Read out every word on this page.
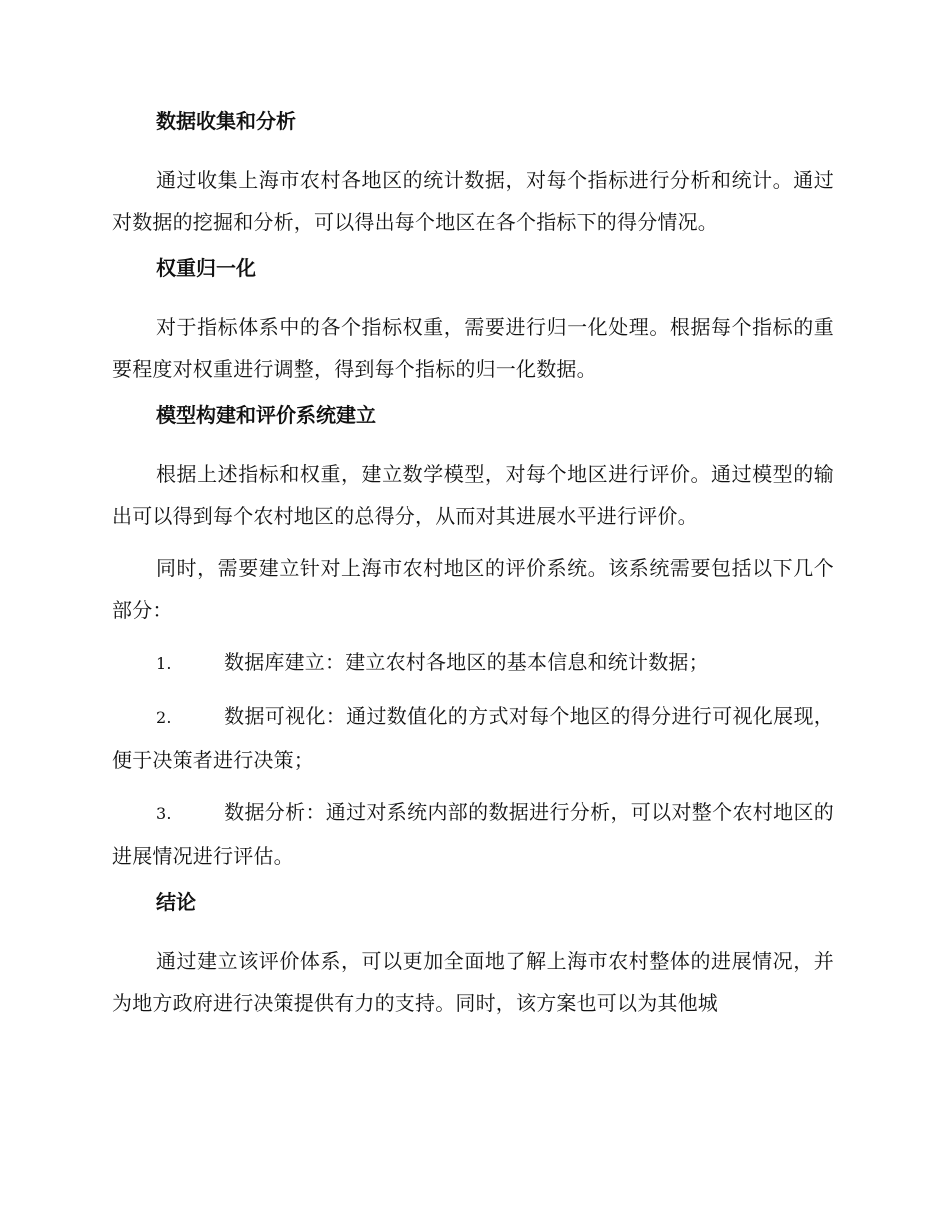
数据收集和分析

通过收集上海市农村各地区的统计数据，对每个指标进行分析和统计。通过对数据的挖掘和分析，可以得出每个地区在各个指标下的得分情况。

权重归一化

对于指标体系中的各个指标权重，需要进行归一化处理。根据每个指标的重要程度对权重进行调整，得到每个指标的归一化数据。

模型构建和评价系统建立

根据上述指标和权重，建立数学模型，对每个地区进行评价。通过模型的输出可以得到每个农村地区的总得分，从而对其进展水平进行评价。

同时，需要建立针对上海市农村地区的评价系统。该系统需要包括以下几个部分：

1.	数据库建立：建立农村各地区的基本信息和统计数据；

2.	数据可视化：通过数值化的方式对每个地区的得分进行可视化展现，便于决策者进行决策；

3.	数据分析：通过对系统内部的数据进行分析，可以对整个农村地区的进展情况进行评估。

结论

通过建立该评价体系，可以更加全面地了解上海市农村整体的进展情况，并为地方政府进行决策提供有力的支持。同时，该方案也可以为其他城
